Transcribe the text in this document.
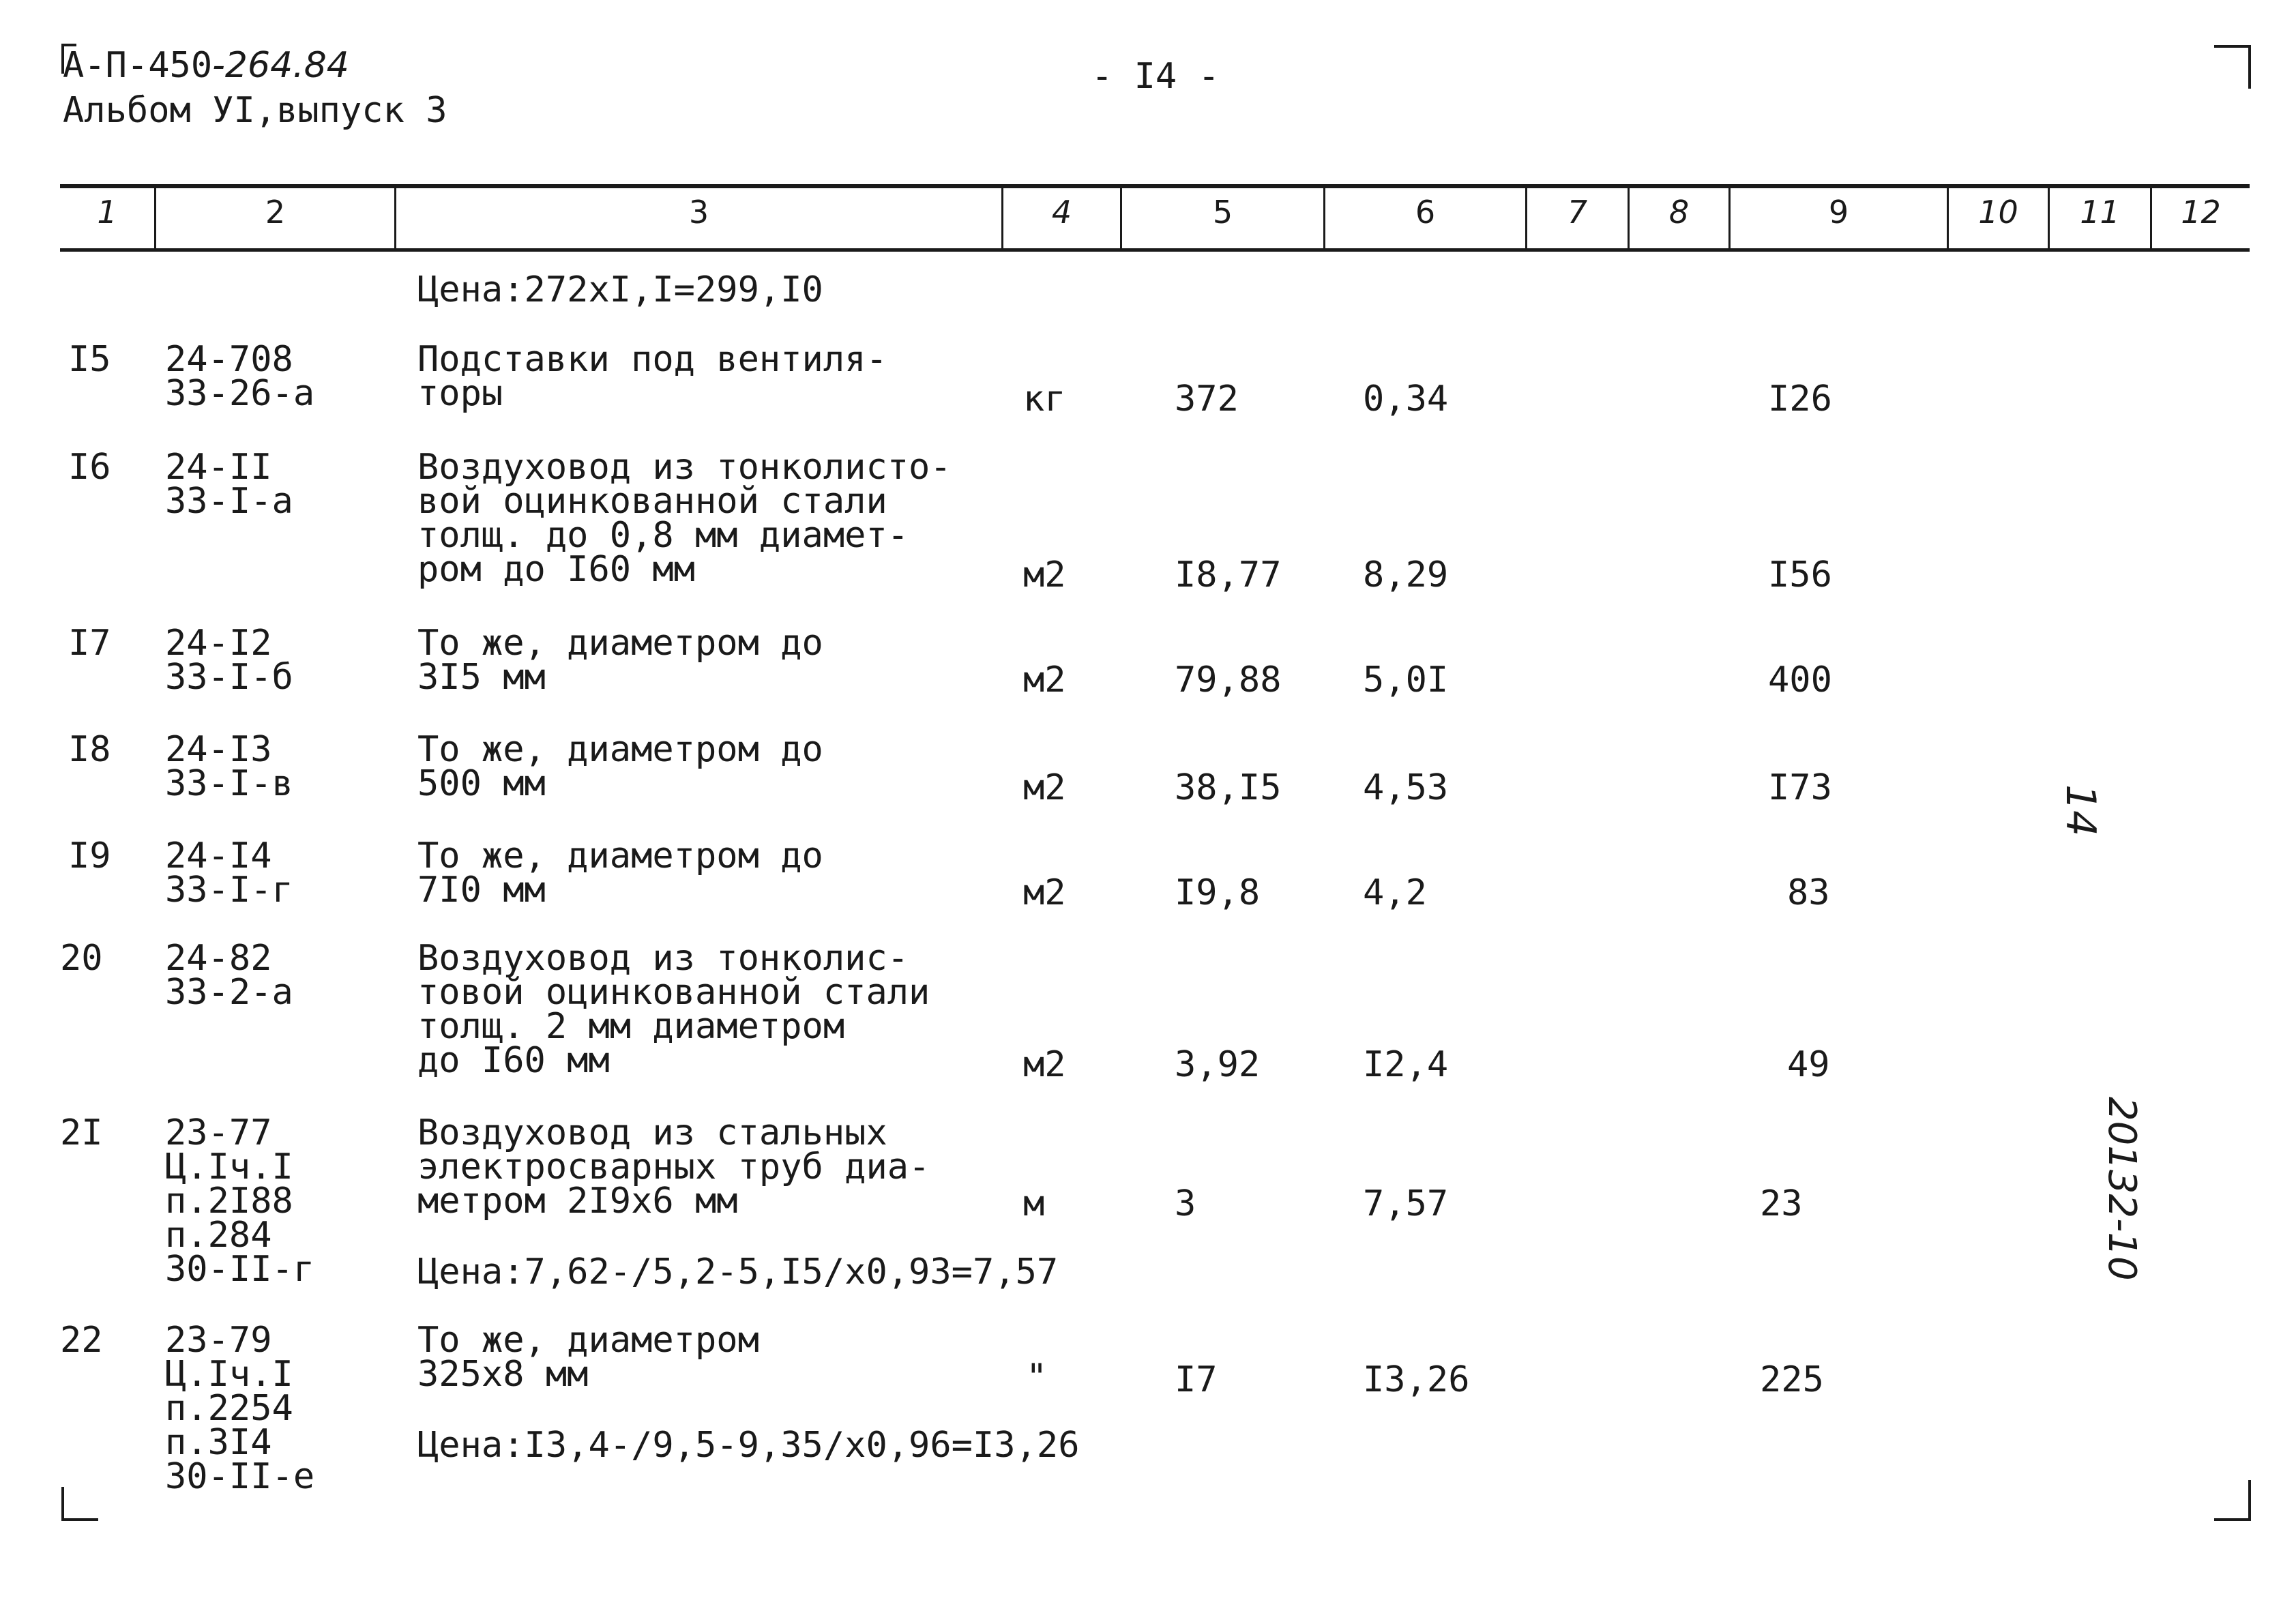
А-П-450-264.84
Альбом УI,выпуск 3
- I4 -
1	2	3	4	5	6	7	8	9	10	11	12
Цена:272хI,I=299,I0
I5 24-708
33-26-а
Подставки под вентиля-
торы	кг	372	0,34	I26
I6 24-II
33-I-а
Воздуховод из тонколисто-
вой оцинкованной стали
толщ. до 0,8 мм диамет-
ром до I60 мм	м2	I8,77 8,29	I56
I7 24-I2
33-I-б
То же, диаметром до
3I5 мм	м2	79,88 5,0I	400
I8 24-I3
33-I-в
То же, диаметром до
500 мм	м2	38,I5 4,53	I73
I9 24-I4
33-I-г
То же, диаметром до
7I0 мм	м2	I9,8	4,2	83
20 24-82
33-2-а
Воздуховод из тонколис-
товой оцинкованной стали
толщ. 2 мм диаметром
до I60 мм	м2	3,92	I2,4	49
2I 23-77
Ц.Iч.I
п.2I88
п.284
30-II-г
Воздуховод из стальных
электросварных труб диа-
метром 2I9х6 мм	м	3	7,57	23
Цена:7,62-/5,2-5,I5/х0,93=7,57
22 23-79
Ц.Iч.I
п.2254
п.3I4
30-II-е
То же, диаметром
325х8 мм	"	I7	I3,26	225
Цена:I3,4-/9,5-9,35/х0,96=I3,26
14
20132-10
